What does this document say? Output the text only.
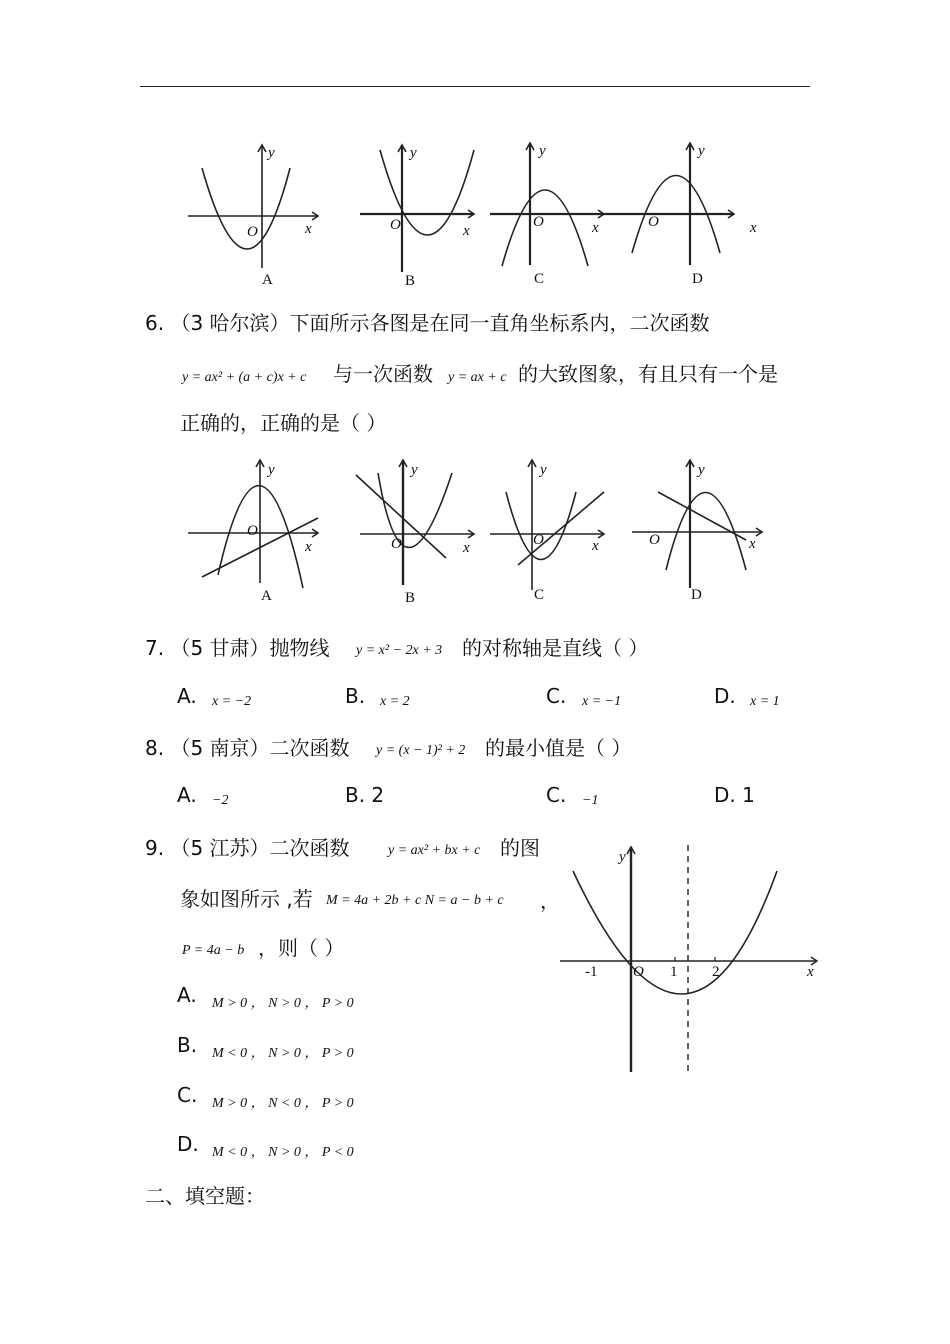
y
x
O
A
y
x
O
B
y
x
O
C
y
x
O
D
6. （3 哈尔滨）下面所示各图是在同一直角坐标系内，二次函数
y = ax² + (a + c)x + c 与一次函数 y = ax + c 的大致图象，有且只有一个是
正确的，正确的是（ ）
y
x
O
A
y
x
O
B
y
x
O
C
y
x
O
D
7. （5 甘肃）抛物线 y = x² − 2x + 3 的对称轴是直线（ ）
A. x = −2	B. x = 2	C. x = −1	D. x = 1
8. （5 南京）二次函数 y = (x − 1)² + 2 的最小值是（ ）
A. −2	B. 2	C. −1	D. 1
9. （5 江苏）二次函数	y = ax² + bx + c 的图
象如图所示 ,若 M = 4a + 2b + c N = a − b + c ，
P = 4a − b ，则（ ）
A. M > 0 ， N > 0 ， P > 0
B. M < 0 ， N > 0 ， P > 0
C. M > 0 ， N < 0 ， P > 0
D. M < 0 ， N > 0 ， P < 0
y
x
O
-1	1 2
二、填空题：
